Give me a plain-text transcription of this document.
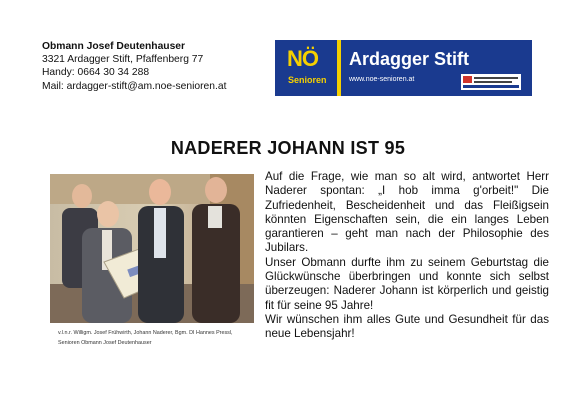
Obmann Josef Deutenhauser
3321 Ardagger Stift, Pfaffenberg 77
Handy: 0664 30 34 288
Mail: ardagger-stift@am.noe-senioren.at
NÖ
Senioren
Ardagger Stift
www.noe-senioren.at
NADERER JOHANN IST 95
v.l.n.r. Willigm. Josef Frühwirth, Johann Naderer, Bgm. DI Hannes Pressl,
Senioren Obmann Josef Deutenhauser

Auf die Frage, wie man so alt wird, antwortet Herr Naderer spontan: „I hob imma g'orbeit!" Die Zufriedenheit, Bescheidenheit und das Fleißigsein könnten Eigenschaften sein, die ein langes Leben garantieren – geht man nach der Philosophie des Jubilars.

Unser Obmann durfte ihm zu seinem Geburtstag die Glückwünsche überbringen und konnte sich selbst überzeugen: Naderer Johann ist körperlich und geistig fit für seine 95 Jahre!

Wir wünschen ihm alles Gute und Gesundheit für das neue Lebensjahr!
